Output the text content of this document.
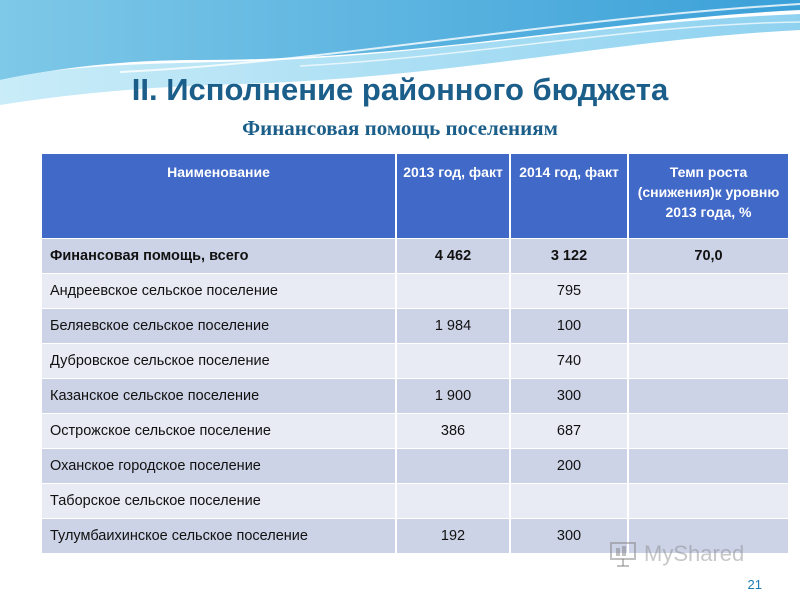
II. Исполнение районного бюджета
Финансовая помощь поселениям
Наименование	2013 год, факт	2014 год, факт	Темп роста (снижения)к уровню 2013 года, %
Финансовая помощь, всего	4 462	3 122	70,0
Андреевское сельское поселение		795	
Беляевское сельское поселение	1 984	100	
Дубровское сельское поселение		740	
Казанское сельское поселение	1 900	300	
Острожское сельское поселение	386	687	
Оханское городское поселение		200	
Таборское сельское поселение			
Тулумбаихинское сельское поселение	192	300	
MyShared
21
